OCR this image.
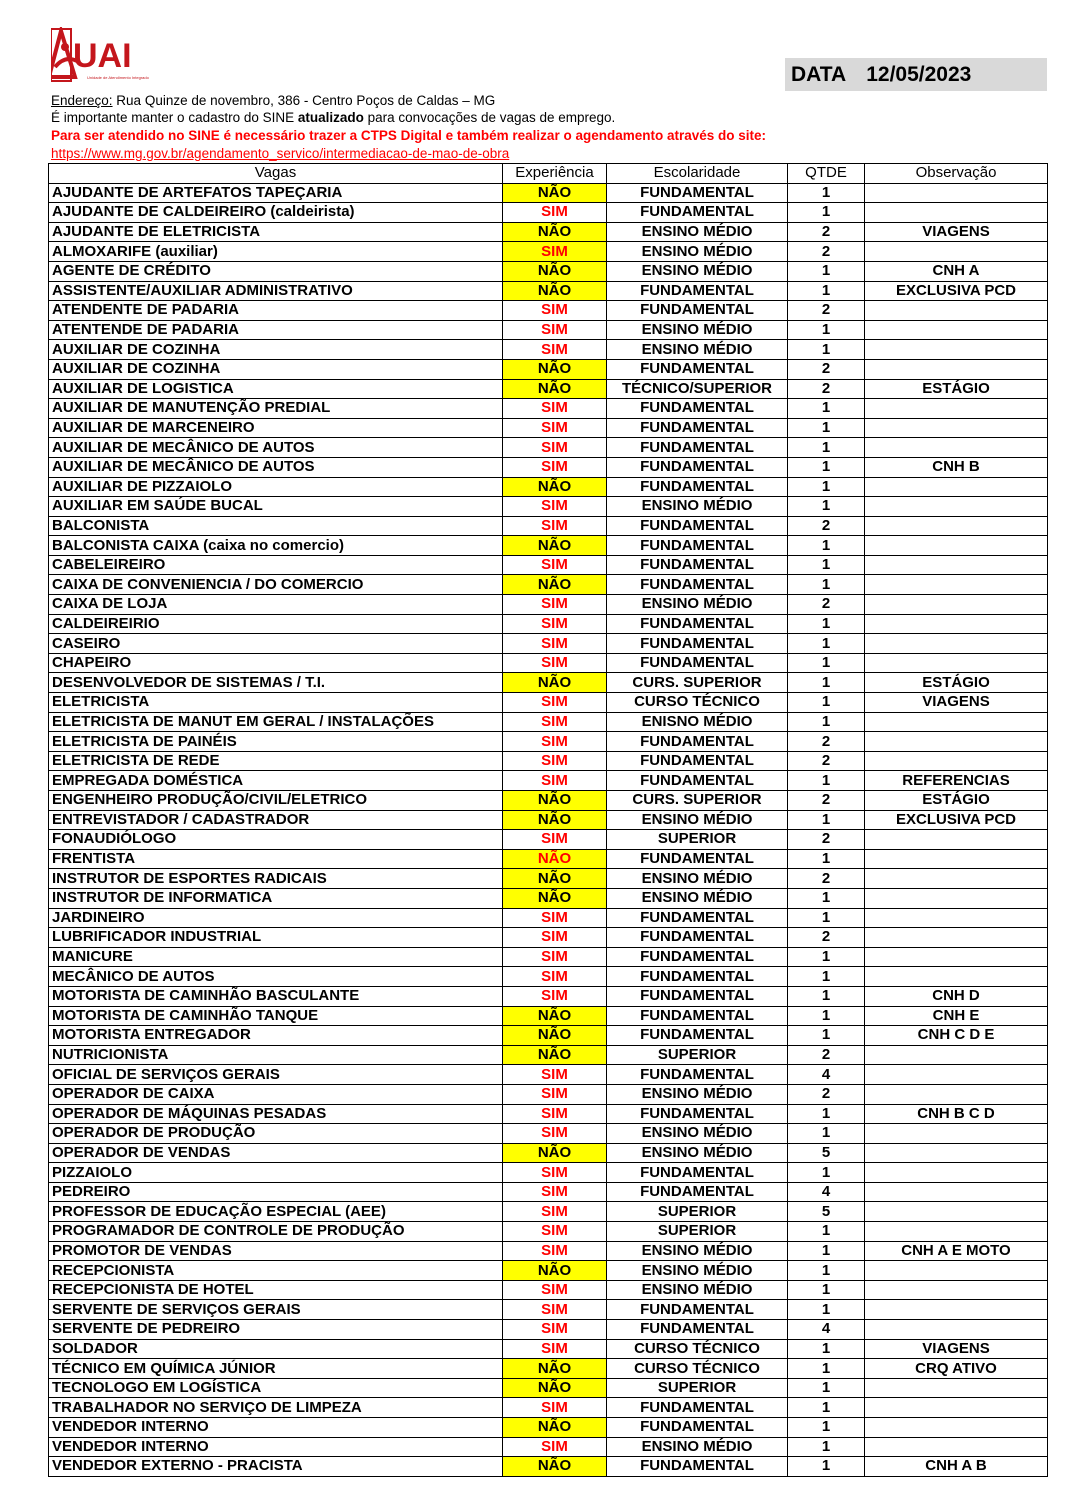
UAI
Unidade de Atendimento Integrado	DATA 12/05/2023
Endereço: Rua Quinze de novembro, 386 - Centro Poços de Caldas – MG
É importante manter o cadastro do SINE atualizado para convocações de vagas de emprego.
Para ser atendido no SINE é necessário trazer a CTPS Digital e também realizar o agendamento através do site:
https://www.mg.gov.br/agendamento_servico/intermediacao-de-mao-de-obra
Vagas	Experiência	Escolaridade	QTDE	Observação
AJUDANTE DE ARTEFATOS TAPEÇARIA	NÃO	FUNDAMENTAL	1	
AJUDANTE DE CALDEIREIRO (caldeirista)	SIM	FUNDAMENTAL	1	
AJUDANTE DE ELETRICISTA	NÃO	ENSINO MÉDIO	2	VIAGENS
ALMOXARIFE (auxiliar)	SIM	ENSINO MÉDIO	2	
AGENTE DE CRÉDITO	NÃO	ENSINO MÉDIO	1	CNH A
ASSISTENTE/AUXILIAR ADMINISTRATIVO	NÃO	FUNDAMENTAL	1	EXCLUSIVA PCD
ATENDENTE DE PADARIA	SIM	FUNDAMENTAL	2	
ATENTENDE DE PADARIA	SIM	ENSINO MÉDIO	1	
AUXILIAR DE COZINHA	SIM	ENSINO MÉDIO	1	
AUXILIAR DE COZINHA	NÃO	FUNDAMENTAL	2	
AUXILIAR DE LOGISTICA	NÃO	TÉCNICO/SUPERIOR	2	ESTÁGIO
AUXILIAR DE MANUTENÇÃO PREDIAL	SIM	FUNDAMENTAL	1	
AUXILIAR DE MARCENEIRO	SIM	FUNDAMENTAL	1	
AUXILIAR DE MECÂNICO DE AUTOS	SIM	FUNDAMENTAL	1	
AUXILIAR DE MECÂNICO DE AUTOS	SIM	FUNDAMENTAL	1	CNH B
AUXILIAR DE PIZZAIOLO	NÃO	FUNDAMENTAL	1	
AUXILIAR EM SAÚDE BUCAL	SIM	ENSINO MÉDIO	1	
BALCONISTA	SIM	FUNDAMENTAL	2	
BALCONISTA CAIXA (caixa no comercio)	NÃO	FUNDAMENTAL	1	
CABELEIREIRO	SIM	FUNDAMENTAL	1	
CAIXA DE CONVENIENCIA / DO COMERCIO	NÃO	FUNDAMENTAL	1	
CAIXA DE LOJA	SIM	ENSINO MÉDIO	2	
CALDEIREIRIO	SIM	FUNDAMENTAL	1	
CASEIRO	SIM	FUNDAMENTAL	1	
CHAPEIRO	SIM	FUNDAMENTAL	1	
DESENVOLVEDOR DE SISTEMAS / T.I.	NÃO	CURS. SUPERIOR	1	ESTÁGIO
ELETRICISTA	SIM	CURSO TÉCNICO	1	VIAGENS
ELETRICISTA DE MANUT EM GERAL / INSTALAÇÕES	SIM	ENISNO MÉDIO	1	
ELETRICISTA DE PAINÉIS	SIM	FUNDAMENTAL	2	
ELETRICISTA DE REDE	SIM	FUNDAMENTAL	2	
EMPREGADA DOMÉSTICA	SIM	FUNDAMENTAL	1	REFERENCIAS
ENGENHEIRO PRODUÇÃO/CIVIL/ELETRICO	NÃO	CURS. SUPERIOR	2	ESTÁGIO
ENTREVISTADOR / CADASTRADOR	NÃO	ENSINO MÉDIO	1	EXCLUSIVA PCD
FONAUDIÓLOGO	SIM	SUPERIOR	2	
FRENTISTA	NÃO	FUNDAMENTAL	1	
INSTRUTOR DE ESPORTES RADICAIS	NÃO	ENSINO MÉDIO	2	
INSTRUTOR DE INFORMATICA	NÃO	ENSINO MÉDIO	1	
JARDINEIRO	SIM	FUNDAMENTAL	1	
LUBRIFICADOR INDUSTRIAL	SIM	FUNDAMENTAL	2	
MANICURE	SIM	FUNDAMENTAL	1	
MECÂNICO DE AUTOS	SIM	FUNDAMENTAL	1	
MOTORISTA DE CAMINHÃO BASCULANTE	SIM	FUNDAMENTAL	1	CNH D
MOTORISTA DE CAMINHÃO TANQUE	NÃO	FUNDAMENTAL	1	CNH E
MOTORISTA ENTREGADOR	NÃO	FUNDAMENTAL	1	CNH C D E
NUTRICIONISTA	NÃO	SUPERIOR	2	
OFICIAL DE SERVIÇOS GERAIS	SIM	FUNDAMENTAL	4	
OPERADOR DE CAIXA	SIM	ENSINO MÉDIO	2	
OPERADOR DE MÁQUINAS PESADAS	SIM	FUNDAMENTAL	1	CNH B C D
OPERADOR DE PRODUÇÃO	SIM	ENSINO MÉDIO	1	
OPERADOR DE VENDAS	NÃO	ENSINO MÉDIO	5	
PIZZAIOLO	SIM	FUNDAMENTAL	1	
PEDREIRO	SIM	FUNDAMENTAL	4	
PROFESSOR DE EDUCAÇÃO ESPECIAL (AEE)	SIM	SUPERIOR	5	
PROGRAMADOR DE CONTROLE DE PRODUÇÃO	SIM	SUPERIOR	1	
PROMOTOR DE VENDAS	SIM	ENSINO MÉDIO	1	CNH A E MOTO
RECEPCIONISTA	NÃO	ENSINO MÉDIO	1	
RECEPCIONISTA DE HOTEL	SIM	ENSINO MÉDIO	1	
SERVENTE DE SERVIÇOS GERAIS	SIM	FUNDAMENTAL	1	
SERVENTE DE PEDREIRO	SIM	FUNDAMENTAL	4	
SOLDADOR	SIM	CURSO TÉCNICO	1	VIAGENS
TÉCNICO EM QUÍMICA JÚNIOR	NÃO	CURSO TÉCNICO	1	CRQ ATIVO
TECNOLOGO EM LOGÍSTICA	NÃO	SUPERIOR	1	
TRABALHADOR NO SERVIÇO DE LIMPEZA	SIM	FUNDAMENTAL	1	
VENDEDOR INTERNO	NÃO	FUNDAMENTAL	1	
VENDEDOR INTERNO	SIM	ENSINO MÉDIO	1	
VENDEDOR EXTERNO - PRACISTA	NÃO	FUNDAMENTAL	1	CNH A B
